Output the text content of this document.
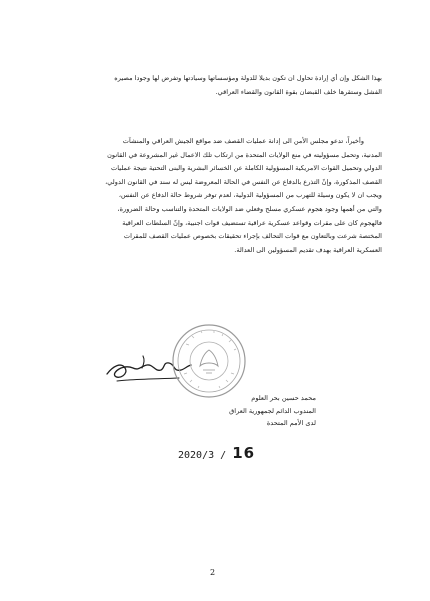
بهذا الشكل وإن أي إرادة تحاول ان تكون بديلا للدولة ومؤسساتها وسيادتها وتفرض لها وجودا مصيره

الفشل وستقرها خلف القبضان بقوة القانون والقضاء العراقي.

وأخيراً، تدعو مجلس الأمن الى إدانة عمليات القصف ضد مواقع الجيش العراقي والمنشآت

المدنية، وتحمل مسؤوليته في منع الولايات المتحدة من ارتكاب تلك الاعمال غير المشروعة في القانون

الدولي وتحميل القوات الامريكية المسؤولية الكاملة عن الخسائر البشرية والبنى التحتية نتيجة عمليات

القصف المذكورة، وإنّ التذرع بالدفاع عن النفس في الحالة المعروضة ليس له سند في القانون الدولي،

ويجب ان لا يكون وسيلة للتهرب من المسؤولية الدولية، لعدم توفر شروط حالة الدفاع عن النفس،

والتي من أهمها وجود هجوم عسكري مسلح وفعلي ضد الولايات المتحدة والتناسب وحالة الضرورة،

فالهجوم كان على مقرات وقواعد عسكرية عراقية تستضيف قوات اجنبية، وإنّ السلطات العراقية

المختصة شرعت وبالتعاون مع قوات التحالف بإجراء تحقيقات بخصوص عمليات القصف للمقرات

العسكرية العراقية بهدف تقديم المسؤولين الى العدالة.

محمد حسين بحر العلوم
المندوب الدائم لجمهورية العراق
لدى الأمم المتحدة
2020/3 / 16
2
